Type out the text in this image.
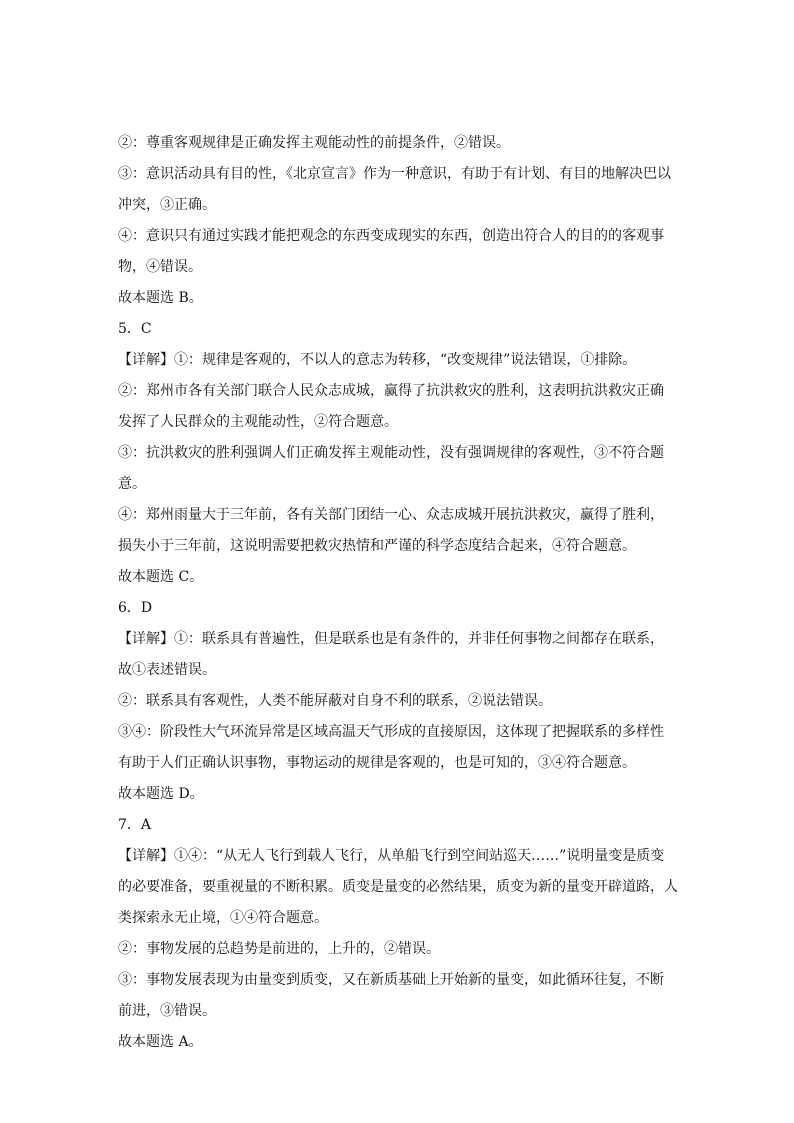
②：尊重客观规律是正确发挥主观能动性的前提条件，②错误。
③：意识活动具有目的性，《北京宣言》作为一种意识，有助于有计划、有目的地解决巴以
冲突，③正确。
④：意识只有通过实践才能把观念的东西变成现实的东西，创造出符合人的目的的客观事
物，④错误。
故本题选 B。
5．C
【详解】①：规律是客观的，不以人的意志为转移，“改变规律”说法错误，①排除。
②：郑州市各有关部门联合人民众志成城，赢得了抗洪救灾的胜利，这表明抗洪救灾正确
发挥了人民群众的主观能动性，②符合题意。
③：抗洪救灾的胜利强调人们正确发挥主观能动性，没有强调规律的客观性，③不符合题
意。
④：郑州雨量大于三年前，各有关部门团结一心、众志成城开展抗洪救灾，赢得了胜利，
损失小于三年前，这说明需要把救灾热情和严谨的科学态度结合起来，④符合题意。
故本题选 C。
6．D
【详解】①：联系具有普遍性，但是联系也是有条件的，并非任何事物之间都存在联系，
故①表述错误。
②：联系具有客观性，人类不能屏蔽对自身不利的联系，②说法错误。
③④：阶段性大气环流异常是区域高温天气形成的直接原因，这体现了把握联系的多样性
有助于人们正确认识事物，事物运动的规律是客观的，也是可知的，③④符合题意。
故本题选 D。
7．A
【详解】①④：“从无人飞行到载人飞行，从单船飞行到空间站巡天……”说明量变是质变
的必要准备，要重视量的不断积累。质变是量变的必然结果，质变为新的量变开辟道路，人
类探索永无止境，①④符合题意。
②：事物发展的总趋势是前进的，上升的，②错误。
③：事物发展表现为由量变到质变，又在新质基础上开始新的量变，如此循环往复，不断
前进，③错误。
故本题选 A。
